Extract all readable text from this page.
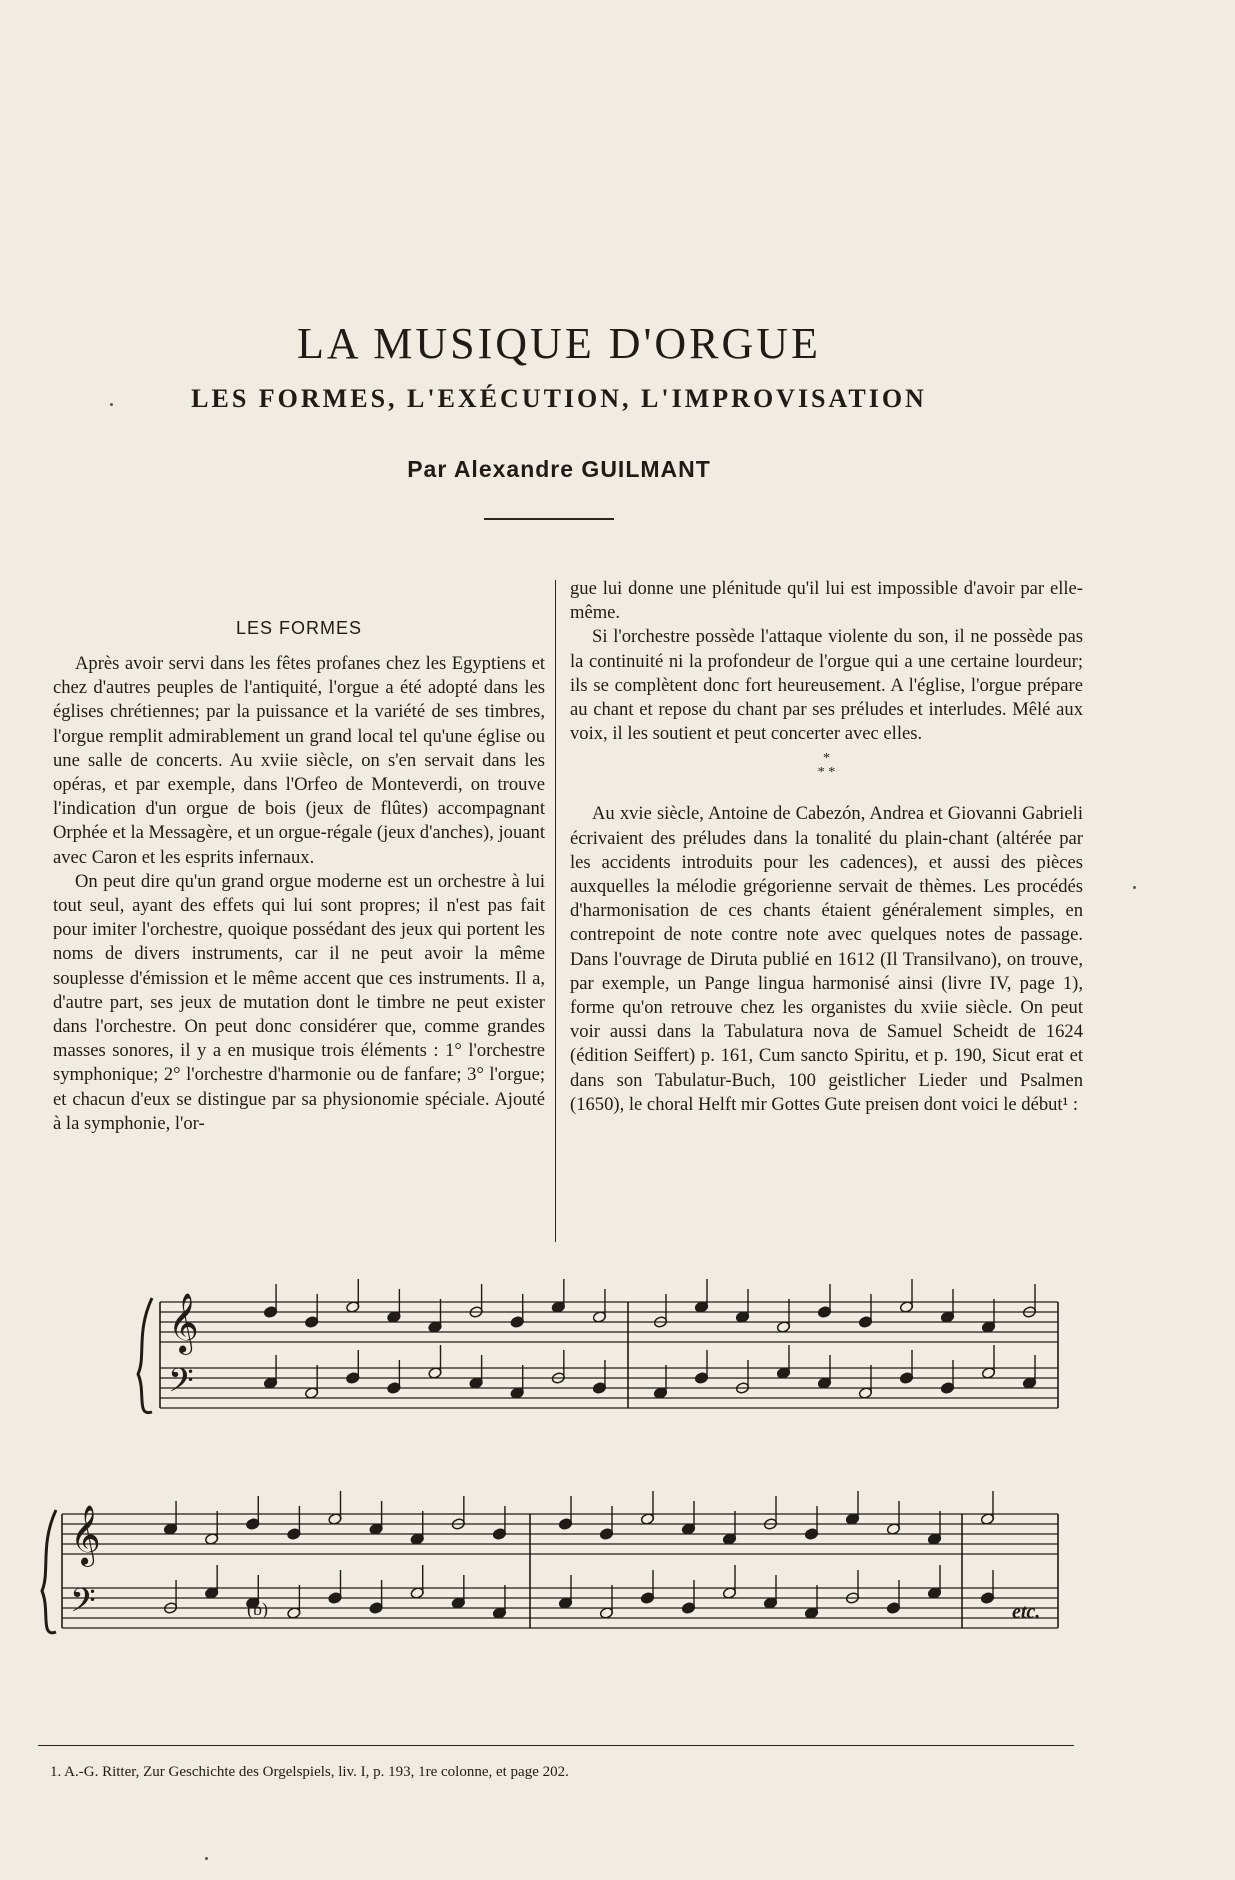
LA MUSIQUE D'ORGUE
LES FORMES, L'EXÉCUTION, L'IMPROVISATION
Par Alexandre GUILMANT
LES FORMES

Après avoir servi dans les fêtes profanes chez les Egyptiens et chez d'autres peuples de l'antiquité, l'orgue a été adopté dans les églises chrétiennes; par la puissance et la variété de ses timbres, l'orgue remplit admirablement un grand local tel qu'une église ou une salle de concerts. Au xviie siècle, on s'en servait dans les opéras, et par exemple, dans l'Orfeo de Monteverdi, on trouve l'indication d'un orgue de bois (jeux de flûtes) accompagnant Orphée et la Messagère, et un orgue-régale (jeux d'anches), jouant avec Caron et les esprits infernaux.

On peut dire qu'un grand orgue moderne est un orchestre à lui tout seul, ayant des effets qui lui sont propres; il n'est pas fait pour imiter l'orchestre, quoique possédant des jeux qui portent les noms de divers instruments, car il ne peut avoir la même souplesse d'émission et le même accent que ces instruments. Il a, d'autre part, ses jeux de mutation dont le timbre ne peut exister dans l'orchestre. On peut donc considérer que, comme grandes masses sonores, il y a en musique trois éléments : 1° l'orchestre symphonique; 2° l'orchestre d'harmonie ou de fanfare; 3° l'orgue; et chacun d'eux se distingue par sa physionomie spéciale. Ajouté à la symphonie, l'or-

gue lui donne une plénitude qu'il lui est impossible d'avoir par elle-même.

Si l'orchestre possède l'attaque violente du son, il ne possède pas la continuité ni la profondeur de l'orgue qui a une certaine lourdeur; ils se complètent donc fort heureusement. A l'église, l'orgue prépare au chant et repose du chant par ses préludes et interludes. Mêlé aux voix, il les soutient et peut concerter avec elles.

*
* *

Au xvie siècle, Antoine de Cabezón, Andrea et Giovanni Gabrieli écrivaient des préludes dans la tonalité du plain-chant (altérée par les accidents introduits pour les cadences), et aussi des pièces auxquelles la mélodie grégorienne servait de thèmes. Les procédés d'harmonisation de ces chants étaient généralement simples, en contrepoint de note contre note avec quelques notes de passage. Dans l'ouvrage de Diruta publié en 1612 (Il Transilvano), on trouve, par exemple, un Pange lingua harmonisé ainsi (livre IV, page 1), forme qu'on retrouve chez les organistes du xviie siècle. On peut voir aussi dans la Tabulatura nova de Samuel Scheidt de 1624 (édition Seiffert) p. 161, Cum sancto Spiritu, et p. 190, Sicut erat et dans son Tabulatur-Buch, 100 geistlicher Lieder und Psalmen (1650), le choral Helft mir Gottes Gute preisen dont voici le début¹ :

𝄞
𝄢
𝄞
𝄢	etc.
(b)
1. A.-G. Ritter, Zur Geschichte des Orgelspiels, liv. I, p. 193, 1re colonne, et page 202.
